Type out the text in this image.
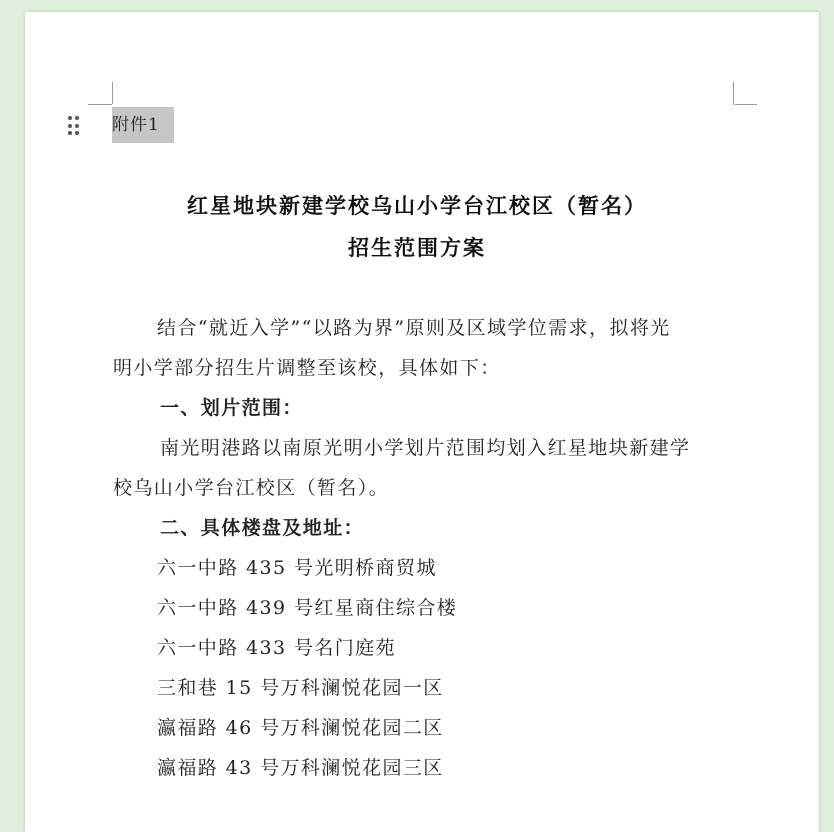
附件1
红星地块新建学校乌山小学台江校区（暂名）
招生范围方案
结合“就近入学”“以路为界”原则及区域学位需求，拟将光
明小学部分招生片调整至该校，具体如下：
一、划片范围：
南光明港路以南原光明小学划片范围均划入红星地块新建学
校乌山小学台江校区（暂名）。
二、具体楼盘及地址：
六一中路 435 号光明桥商贸城
六一中路 439 号红星商住综合楼
六一中路 433 号名门庭苑
三和巷 15 号万科澜悦花园一区
瀛福路 46 号万科澜悦花园二区
瀛福路 43 号万科澜悦花园三区
